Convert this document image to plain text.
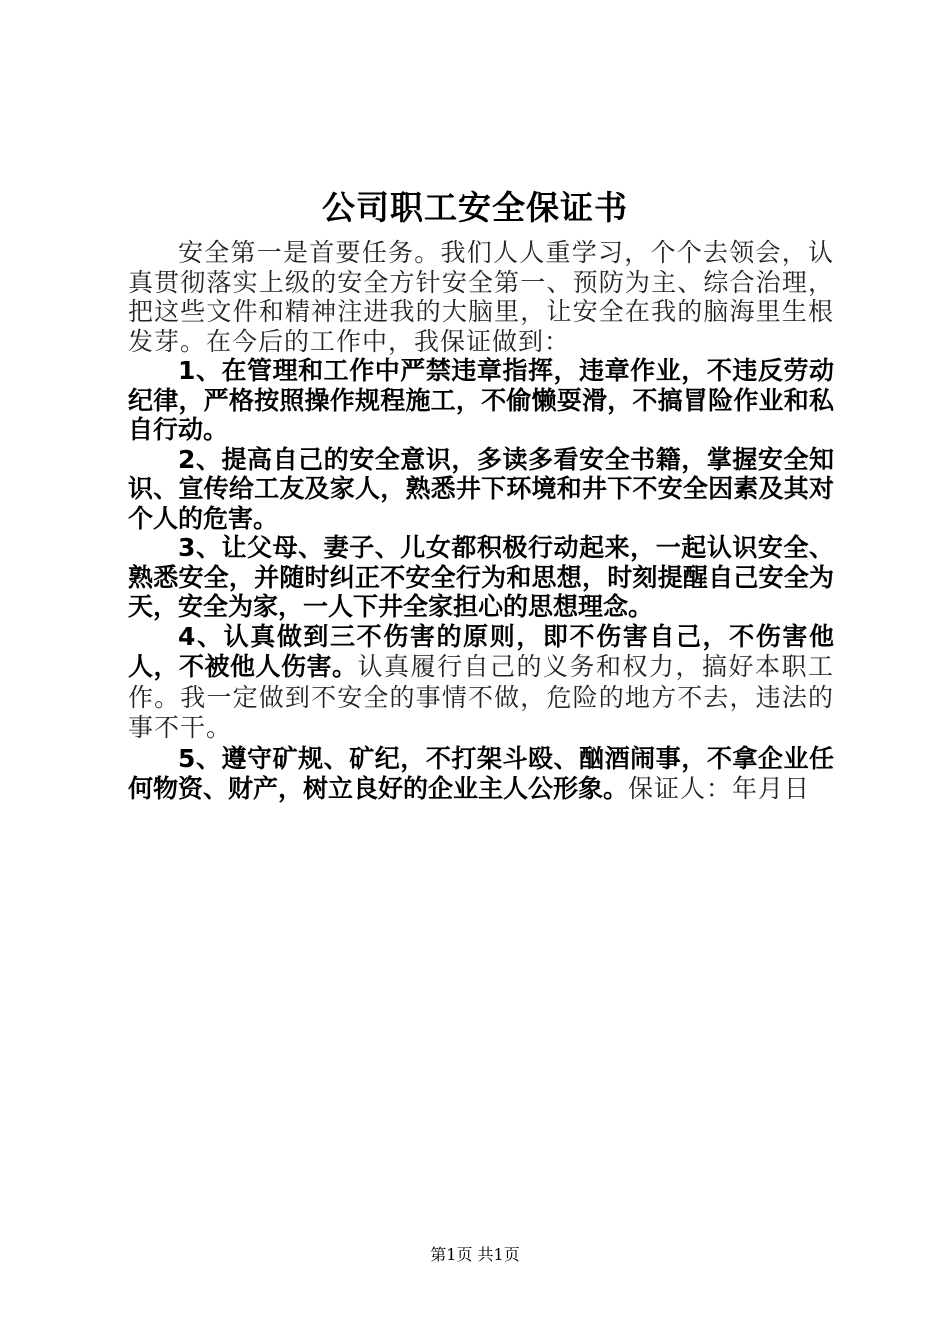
公司职工安全保证书

安全第一是首要任务。我们人人重学习，个个去领会，认真贯彻落实上级的安全方针安全第一、预防为主、综合治理，把这些文件和精神注进我的大脑里，让安全在我的脑海里生根发芽。在今后的工作中，我保证做到：

1、在管理和工作中严禁违章指挥，违章作业，不违反劳动纪律，严格按照操作规程施工，不偷懒耍滑，不搞冒险作业和私自行动。

2、提高自己的安全意识，多读多看安全书籍，掌握安全知识、宣传给工友及家人，熟悉井下环境和井下不安全因素及其对个人的危害。

3、让父母、妻子、儿女都积极行动起来，一起认识安全、熟悉安全，并随时纠正不安全行为和思想，时刻提醒自己安全为天，安全为家，一人下井全家担心的思想理念。

4、认真做到三不伤害的原则，即不伤害自己，不伤害他人，不被他人伤害。认真履行自己的义务和权力，搞好本职工作。我一定做到不安全的事情不做，危险的地方不去，违法的事不干。

5、遵守矿规、矿纪，不打架斗殴、酗酒闹事，不拿企业任何物资、财产，树立良好的企业主人公形象。保证人：年月日

第1页 共1页
